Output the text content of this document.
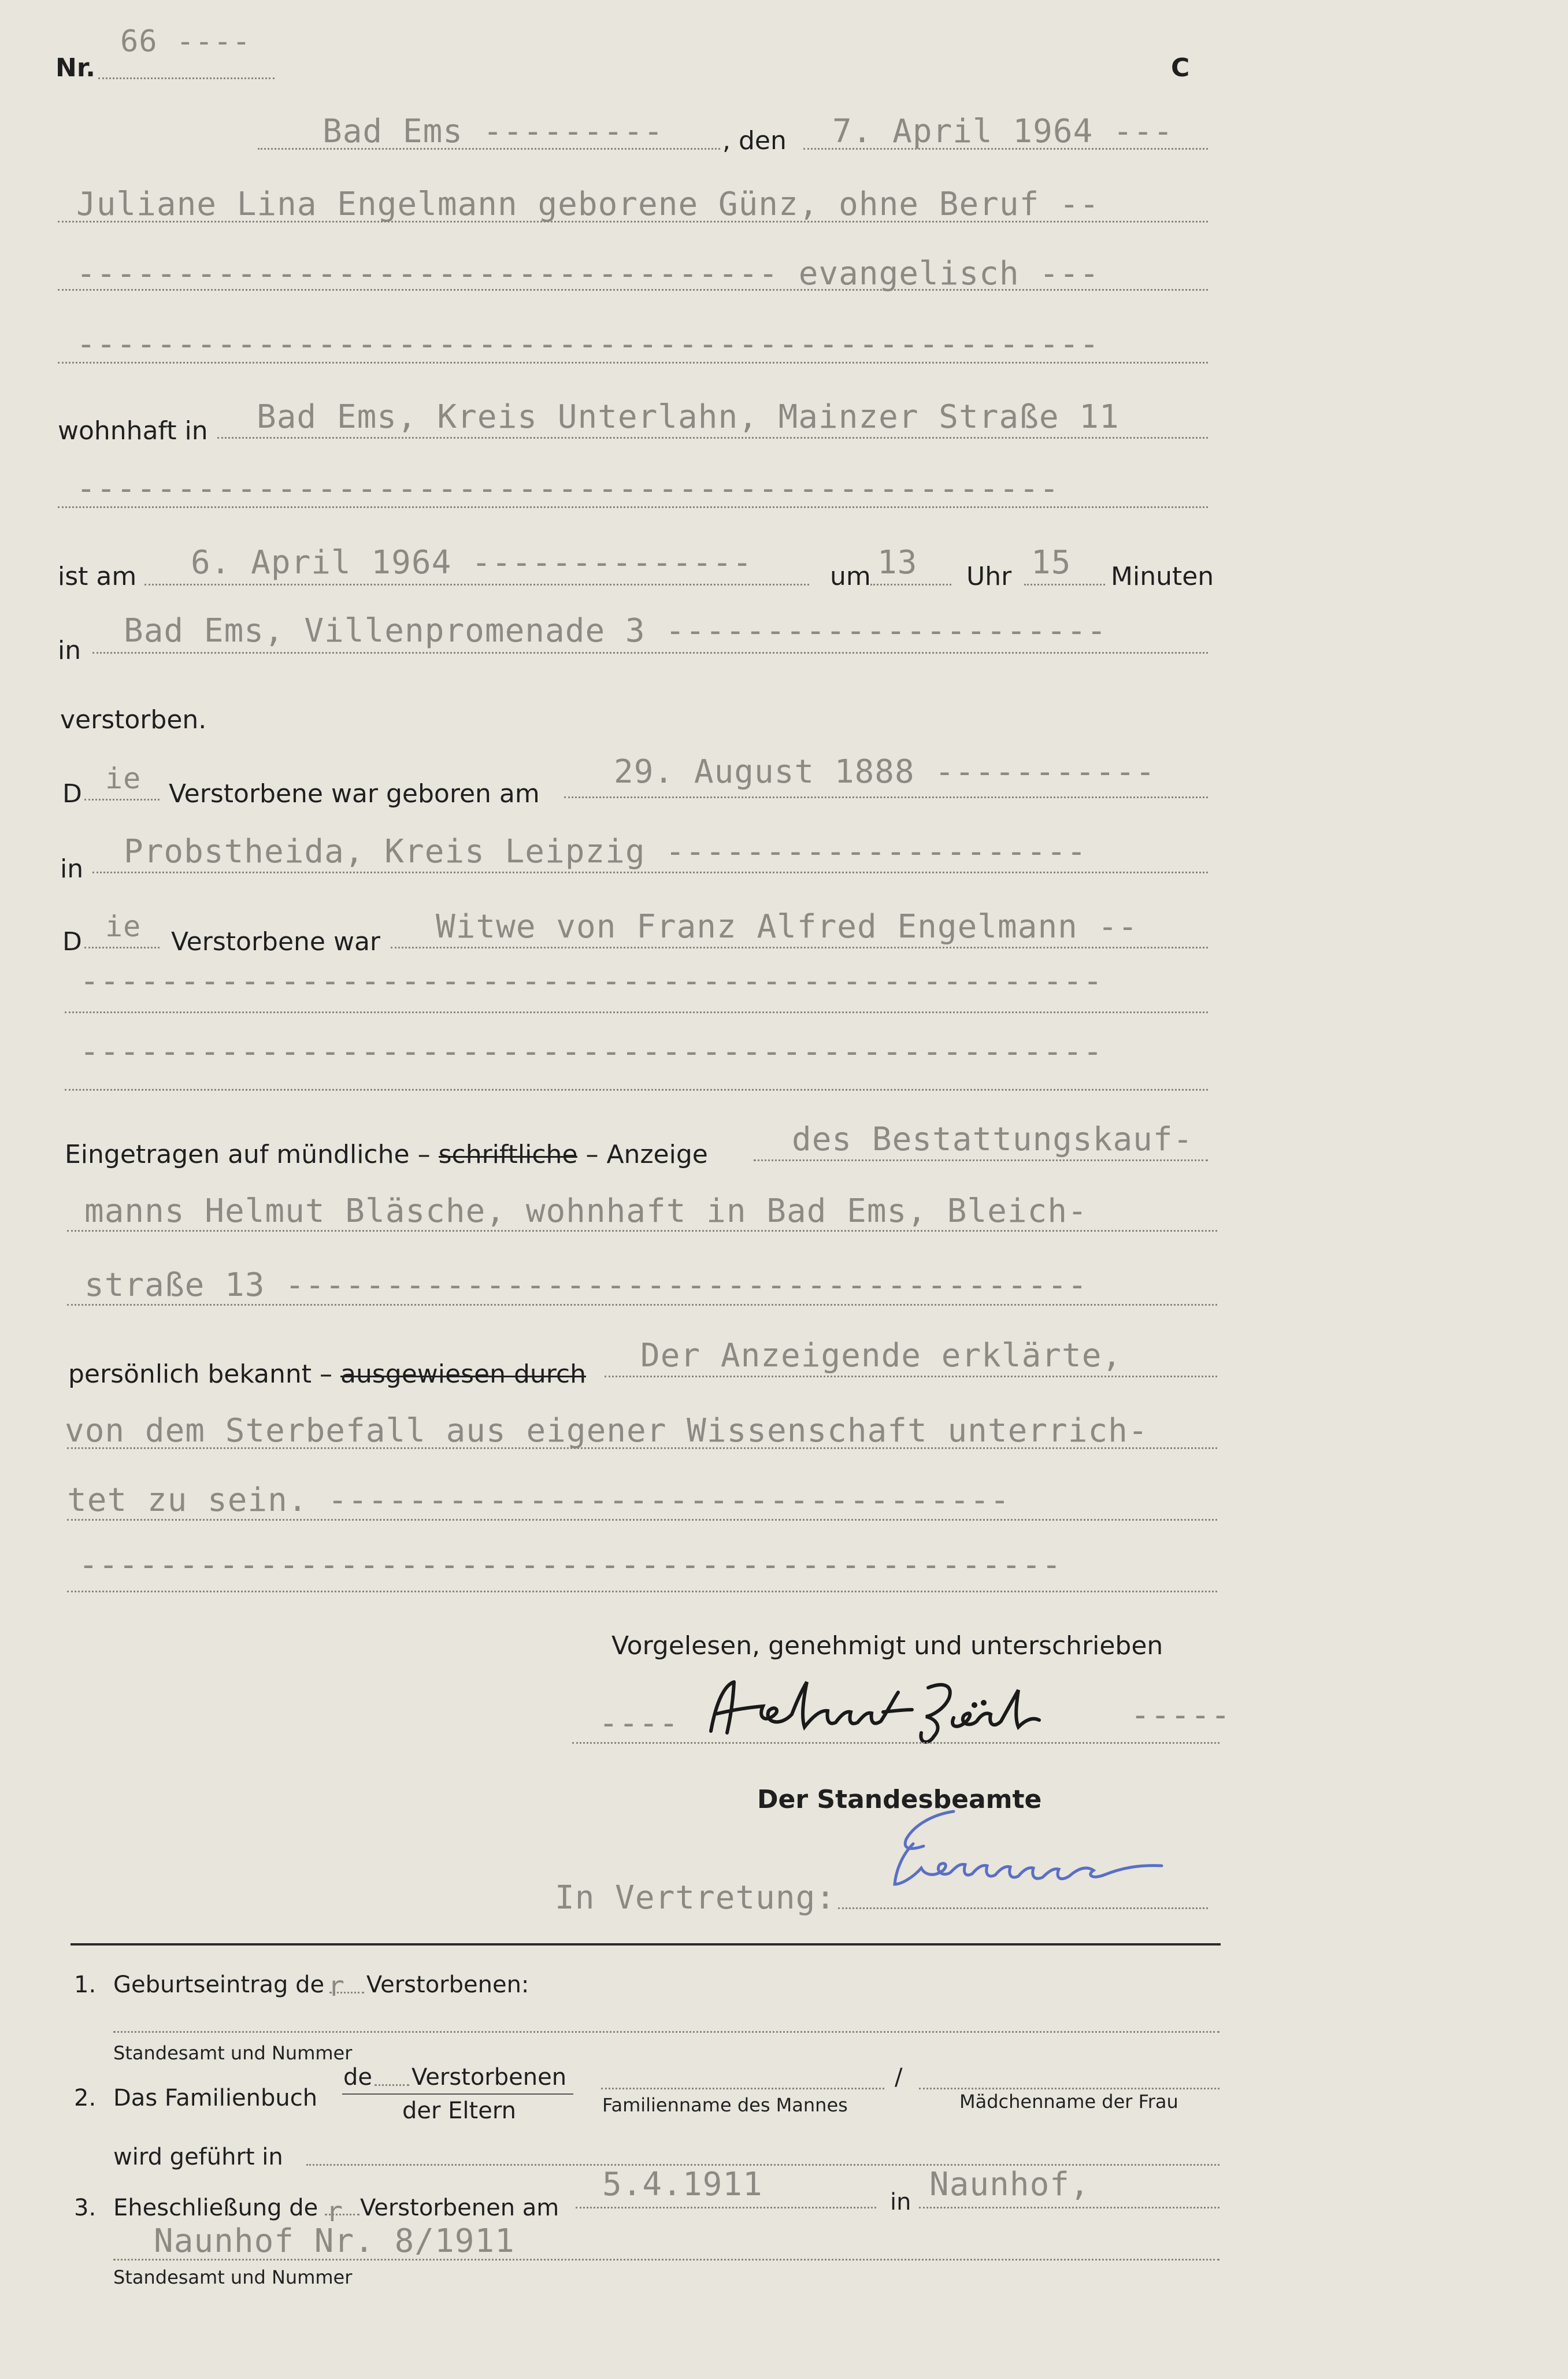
Nr.
66 ----
C
Bad Ems --------- , den 7. April 1964 ---
Juliane Lina Engelmann geborene Günz, ohne Beruf --
----------------------------------- evangelisch ---
---------------------------------------------------
wohnhaft in Bad Ems, Kreis Unterlahn, Mainzer Straße 11
-------------------------------------------------
ist am 6. April 1964 --------------	um 13 Uhr 15 Minuten
in
Bad Ems, Villenpromenade 3 ----------------------
verstorben.
D ie Verstorbene war geboren am
29. August 1888 -----------
in Probstheida, Kreis Leipzig ---------------------
D ie Verstorbene war Witwe von Franz Alfred Engelmann --
---------------------------------------------------
---------------------------------------------------
Eingetragen auf mündliche – schriftliche – Anzeige	des Bestattungskauf-
manns Helmut Bläsche, wohnhaft in Bad Ems, Bleich-
straße 13 ----------------------------------------
persönlich bekannt – ausgewiesen durch Der Anzeigende erklärte,
von dem Sterbefall aus eigener Wissenschaft unterrich-
tet zu sein. ----------------------------------
-------------------------------------------------
Vorgelesen, genehmigt und unterschrieben
----	-----
Der Standesbeamte
In Vertretung:
1. Geburtseintrag de r Verstorbenen:
Standesamt und Nummer
2. Das Familienbuch
de Verstorbenen
der Eltern	Familienname des Mannes
/
Mädchenname der Frau
wird geführt in
3. Eheschließung de r Verstorbenen am
5.4.1911	in Naunhof,
Naunhof Nr. 8/1911
Standesamt und Nummer
